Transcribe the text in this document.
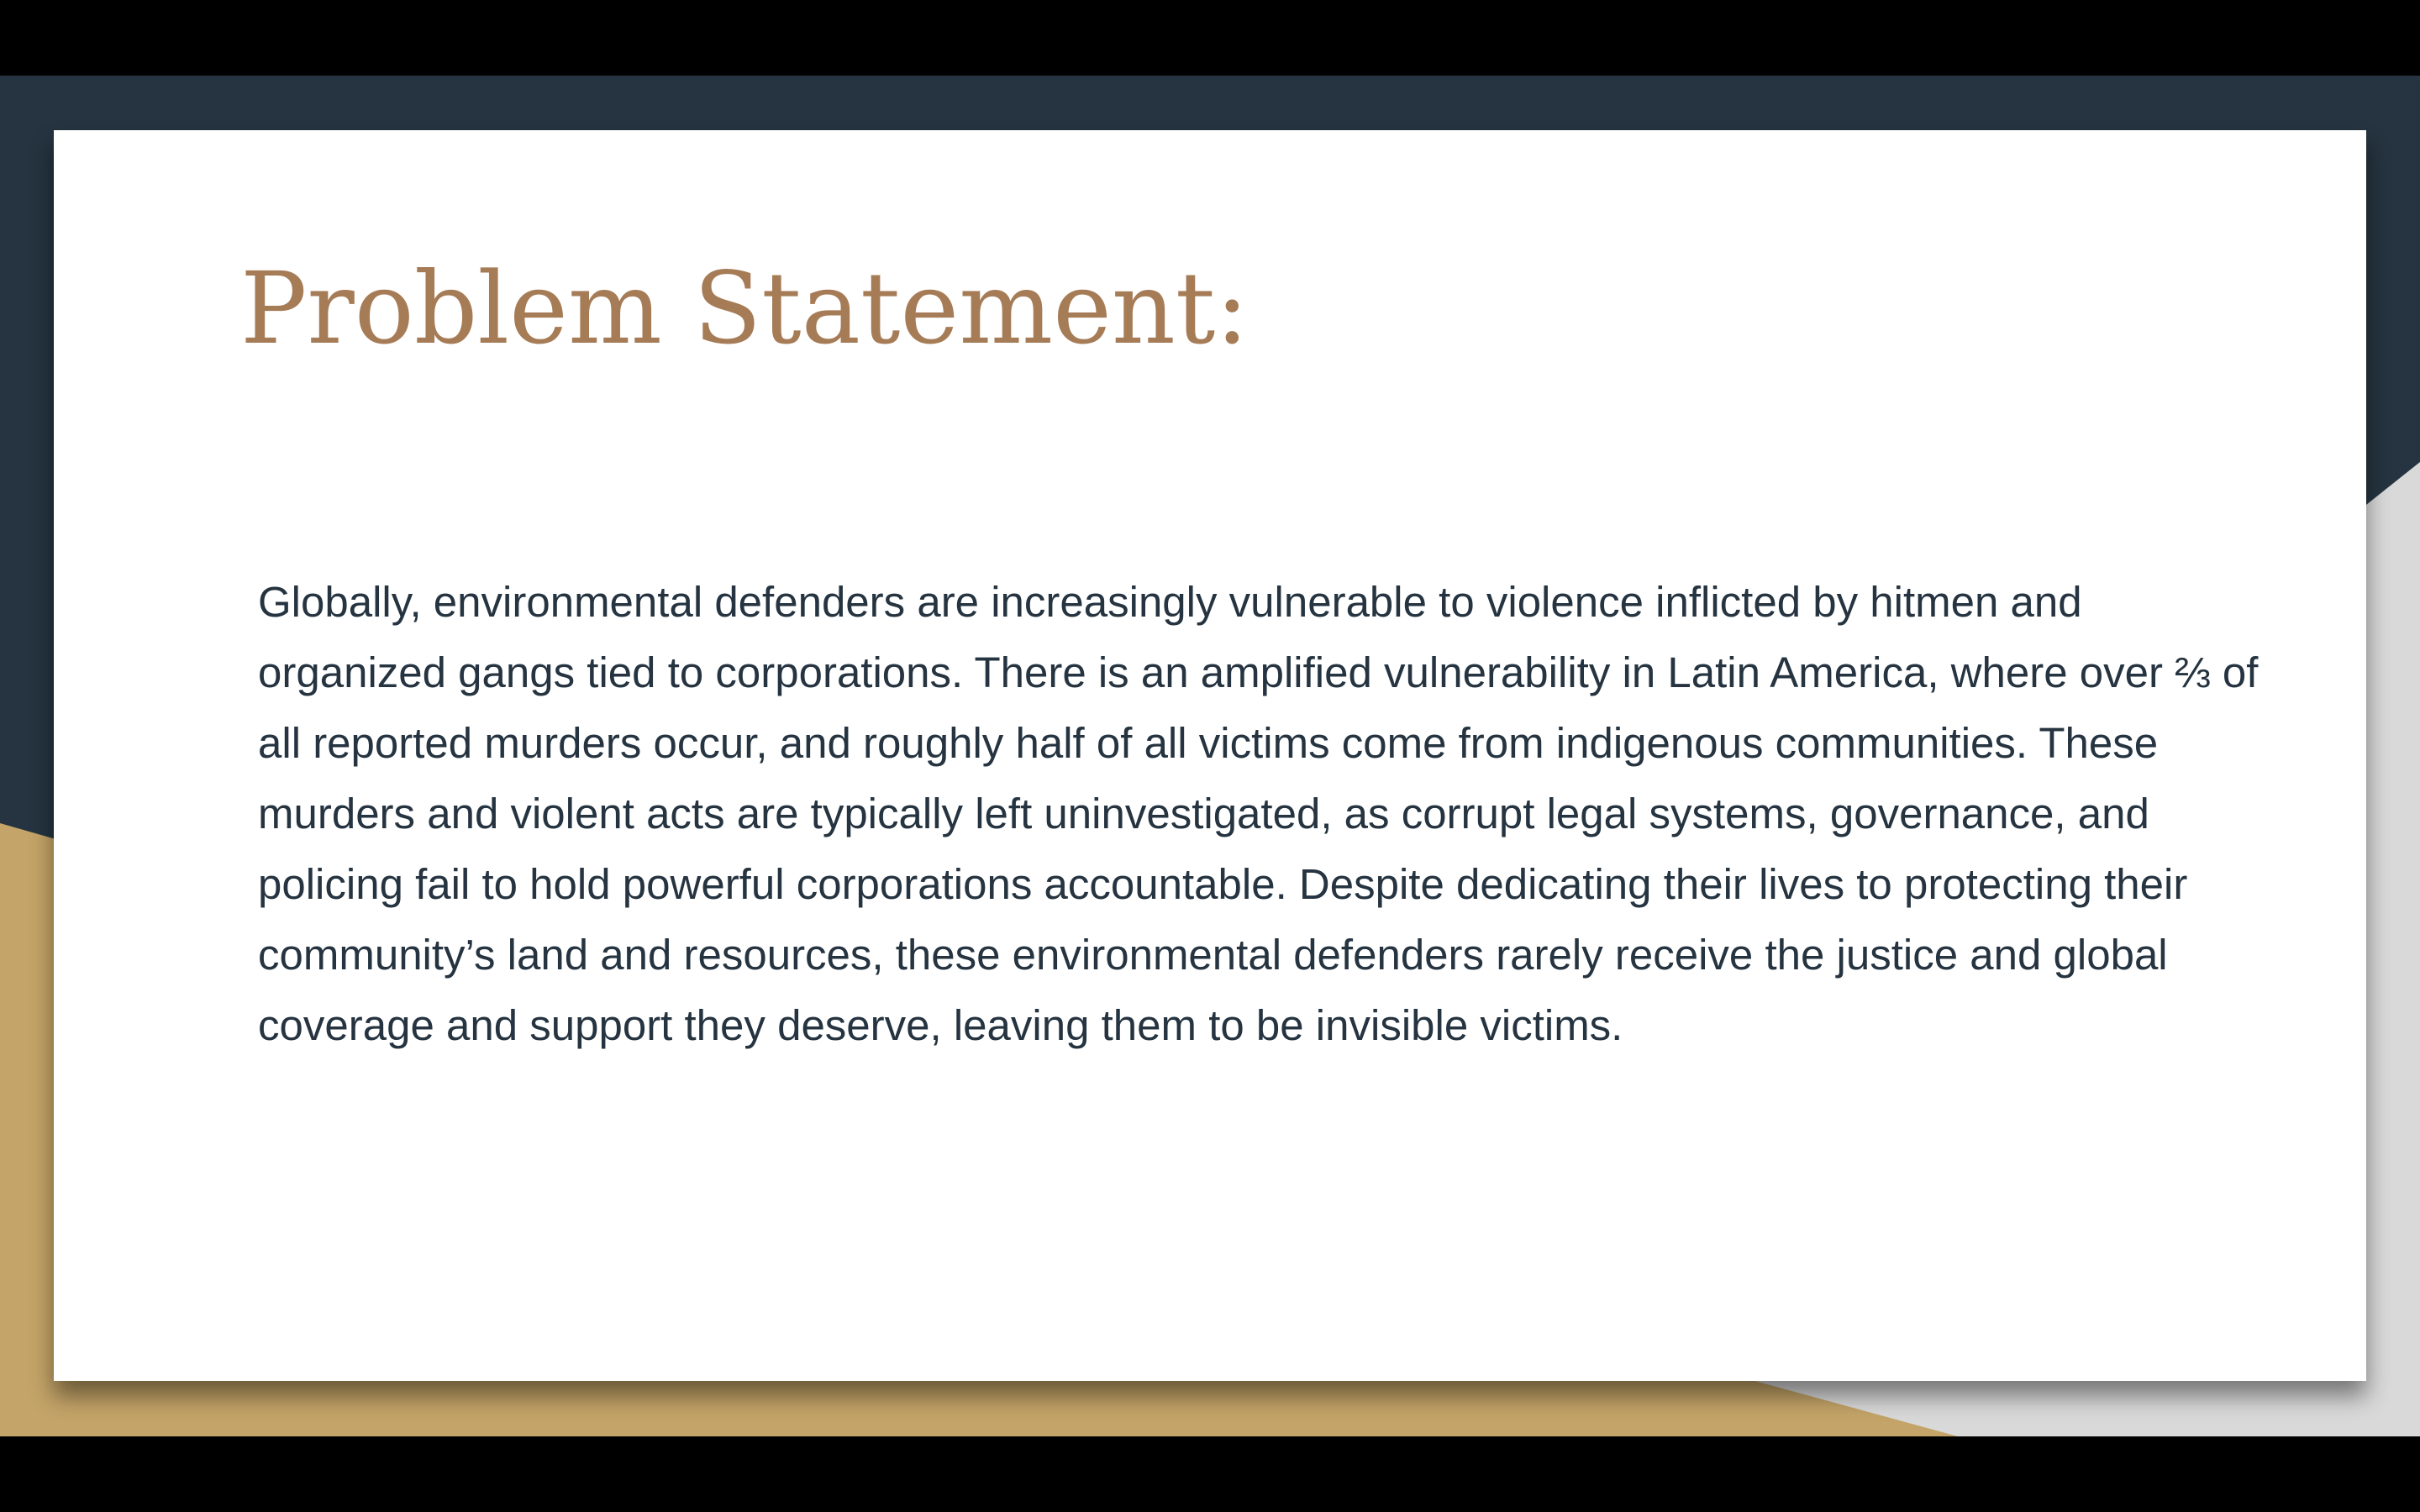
Problem Statement:

Globally, environmental defenders are increasingly vulnerable to violence inflicted by hitmen and organized gangs tied to corporations. There is an amplified vulnerability in Latin America, where over ⅔ of all reported murders occur, and roughly half of all victims come from indigenous communities. These murders and violent acts are typically left uninvestigated, as corrupt legal systems, governance, and policing fail to hold powerful corporations accountable. Despite dedicating their lives to protecting their community’s land and resources, these environmental defenders rarely receive the justice and global coverage and support they deserve, leaving them to be invisible victims.
